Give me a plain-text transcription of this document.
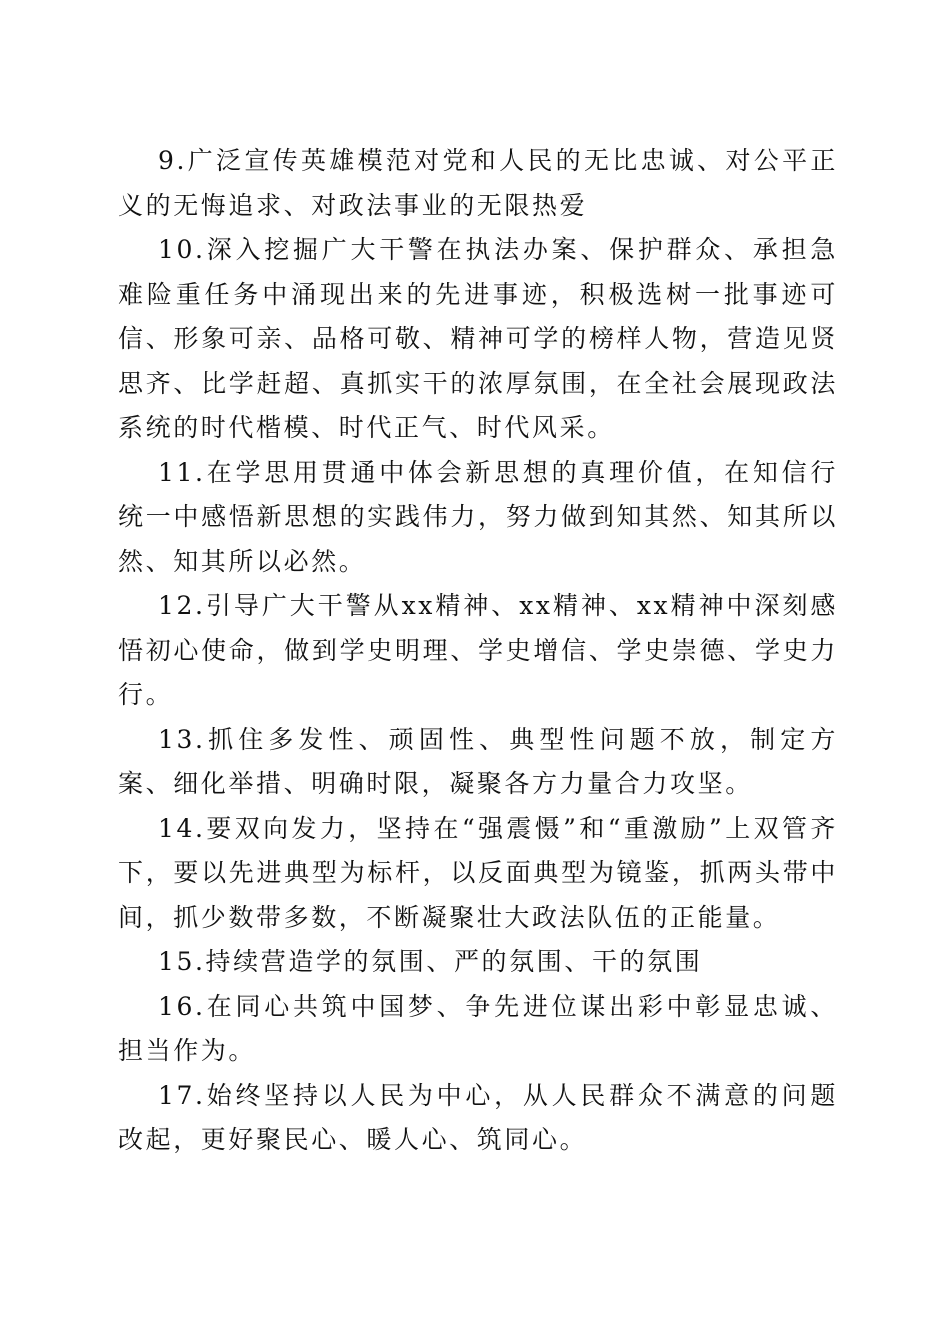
9.广泛宣传英雄模范对党和人民的无比忠诚、对公平正义的无悔追求、对政法事业的无限热爱

10.深入挖掘广大干警在执法办案、保护群众、承担急难险重任务中涌现出来的先进事迹，积极选树一批事迹可信、形象可亲、品格可敬、精神可学的榜样人物，营造见贤思齐、比学赶超、真抓实干的浓厚氛围，在全社会展现政法系统的时代楷模、时代正气、时代风采。

11.在学思用贯通中体会新思想的真理价值，在知信行统一中感悟新思想的实践伟力，努力做到知其然、知其所以然、知其所以必然。

12.引导广大干警从xx精神、xx精神、xx精神中深刻感悟初心使命，做到学史明理、学史增信、学史崇德、学史力行。

13.抓住多发性、顽固性、典型性问题不放，制定方案、细化举措、明确时限，凝聚各方力量合力攻坚。

14.要双向发力，坚持在“强震慑”和“重激励”上双管齐下，要以先进典型为标杆，以反面典型为镜鉴，抓两头带中间，抓少数带多数，不断凝聚壮大政法队伍的正能量。

15.持续营造学的氛围、严的氛围、干的氛围

16.在同心共筑中国梦、争先进位谋出彩中彰显忠诚、担当作为。

17.始终坚持以人民为中心，从人民群众不满意的问题改起，更好聚民心、暖人心、筑同心。
